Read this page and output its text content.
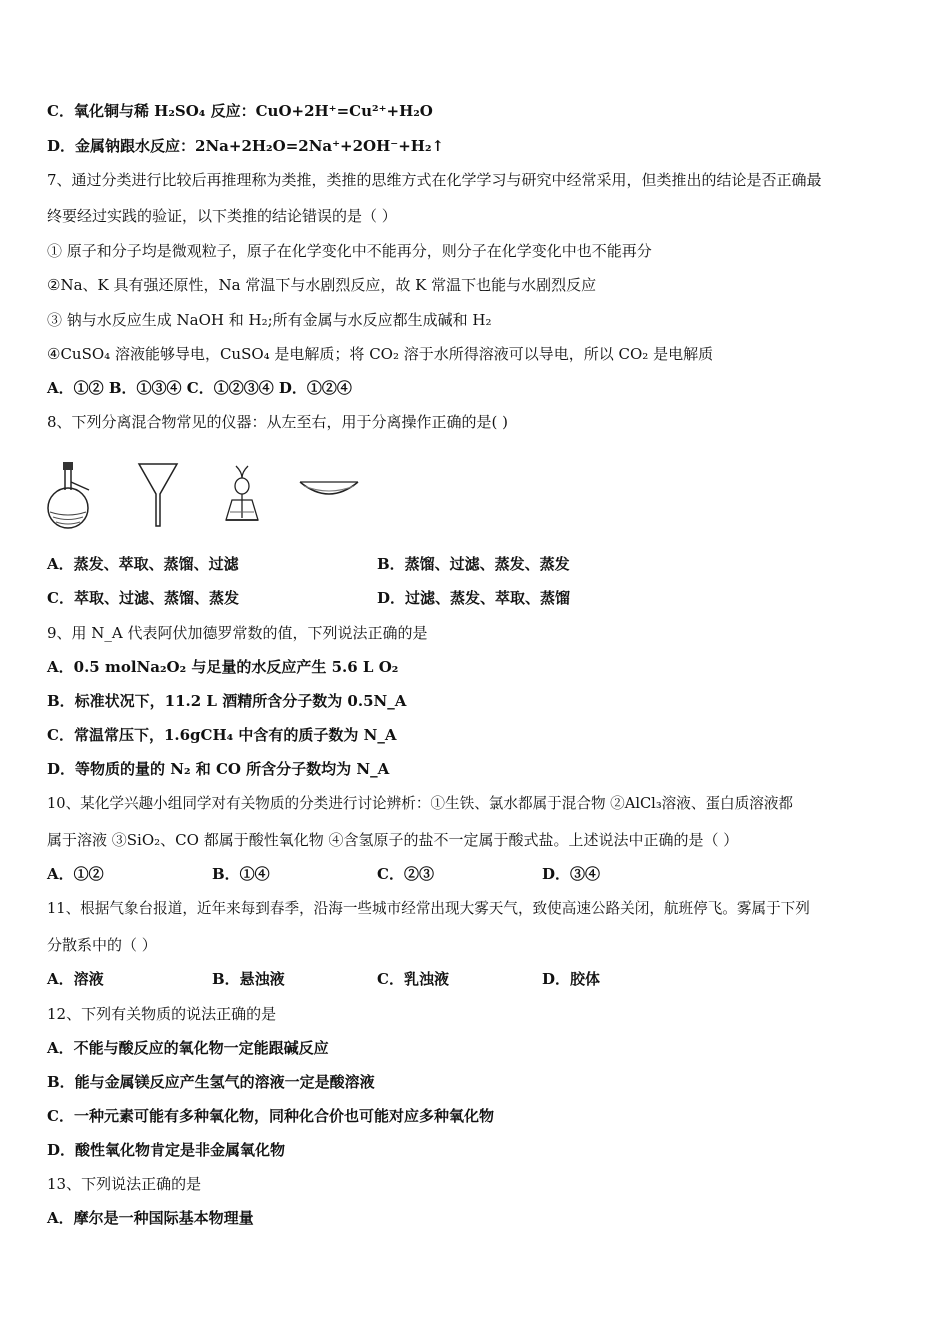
C．氧化铜与稀 H₂SO₄ 反应：CuO+2H⁺=Cu²⁺+H₂O
D．金属钠跟水反应：2Na+2H₂O=2Na⁺+2OH⁻+H₂↑
7、通过分类进行比较后再推理称为类推，类推的思维方式在化学学习与研究中经常采用，但类推出的结论是否正确最
终要经过实践的验证，以下类推的结论错误的是（ ）
① 原子和分子均是微观粒子，原子在化学变化中不能再分，则分子在化学变化中也不能再分
②Na、K 具有强还原性，Na 常温下与水剧烈反应，故 K 常温下也能与水剧烈反应
③ 钠与水反应生成 NaOH 和 H₂;所有金属与水反应都生成碱和 H₂
④CuSO₄ 溶液能够导电，CuSO₄ 是电解质；将 CO₂ 溶于水所得溶液可以导电，所以 CO₂ 是电解质
A．①② B．①③④ C．①②③④ D．①②④
8、下列分离混合物常见的仪器：从左至右，用于分离操作正确的是( )
A．蒸发、萃取、蒸馏、过滤	B．蒸馏、过滤、蒸发、蒸发
C．萃取、过滤、蒸馏、蒸发	D．过滤、蒸发、萃取、蒸馏
9、用 N_A 代表阿伏加德罗常数的值，下列说法正确的是
A．0.5 molNa₂O₂ 与足量的水反应产生 5.6 L O₂
B．标准状况下，11.2 L 酒精所含分子数为 0.5N_A
C．常温常压下，1.6gCH₄ 中含有的质子数为 N_A
D．等物质的量的 N₂ 和 CO 所含分子数均为 N_A
10、某化学兴趣小组同学对有关物质的分类进行讨论辨析：①生铁、氯水都属于混合物 ②AlCl₃溶液、蛋白质溶液都
属于溶液 ③SiO₂、CO 都属于酸性氧化物 ④含氢原子的盐不一定属于酸式盐。上述说法中正确的是（ ）
A．①②	B．①④	C．②③	D．③④
11、根据气象台报道，近年来每到春季，沿海一些城市经常出现大雾天气，致使高速公路关闭，航班停飞。雾属于下列
分散系中的（ ）
A．溶液	B．悬浊液	C．乳浊液	D．胶体
12、下列有关物质的说法正确的是
A．不能与酸反应的氧化物一定能跟碱反应
B．能与金属镁反应产生氢气的溶液一定是酸溶液
C．一种元素可能有多种氧化物，同种化合价也可能对应多种氧化物
D．酸性氧化物肯定是非金属氧化物
13、下列说法正确的是
A．摩尔是一种国际基本物理量
